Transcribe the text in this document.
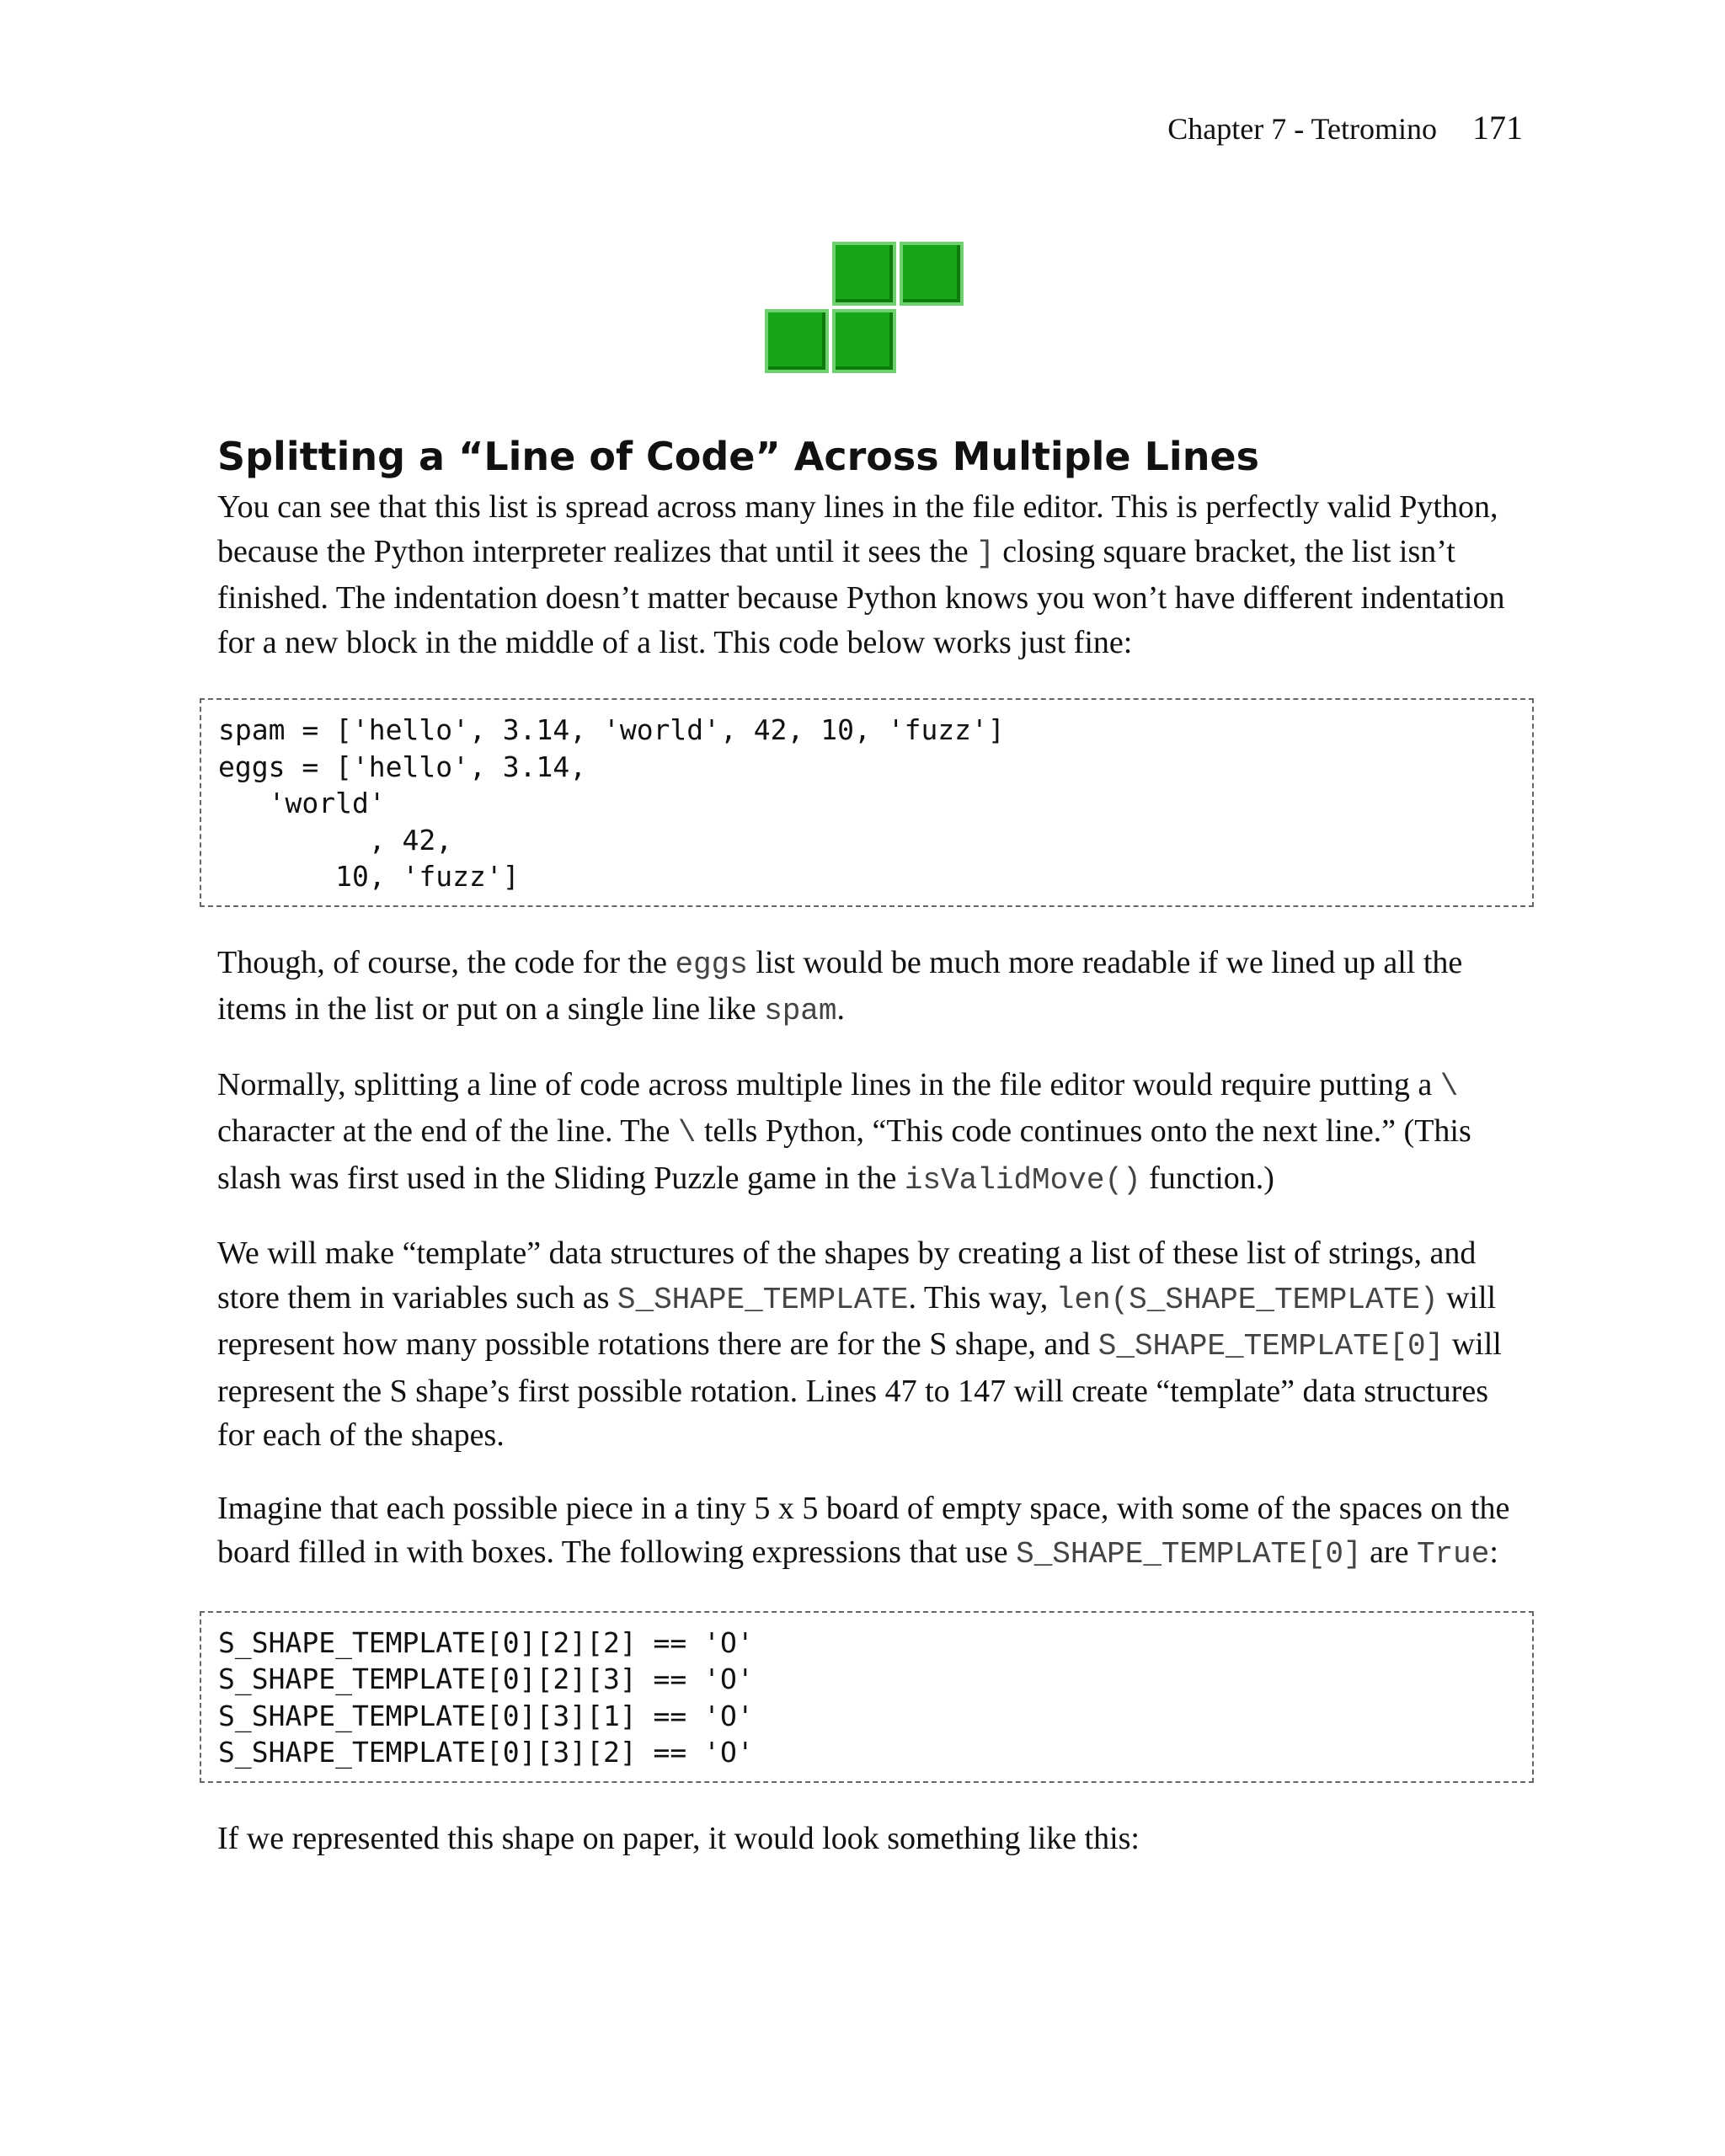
Chapter 7 - Tetromino 171
Splitting a “Line of Code” Across Multiple Lines

You can see that this list is spread across many lines in the file editor. This is perfectly valid Python, because the Python interpreter realizes that until it sees the ] closing square bracket, the list isn’t finished. The indentation doesn’t matter because Python knows you won’t have different indentation for a new block in the middle of a list. This code below works just fine:

spam = ['hello', 3.14, 'world', 42, 10, 'fuzz']
eggs = ['hello', 3.14,
'world'
, 42,
10, 'fuzz']

Though, of course, the code for the eggs list would be much more readable if we lined up all the items in the list or put on a single line like spam.

Normally, splitting a line of code across multiple lines in the file editor would require putting a \ character at the end of the line. The \ tells Python, “This code continues onto the next line.” (This slash was first used in the Sliding Puzzle game in the isValidMove() function.)

We will make “template” data structures of the shapes by creating a list of these list of strings, and store them in variables such as S_SHAPE_TEMPLATE. This way, len(S_SHAPE_TEMPLATE) will represent how many possible rotations there are for the S shape, and S_SHAPE_TEMPLATE[0] will represent the S shape’s first possible rotation. Lines 47 to 147 will create “template” data structures for each of the shapes.

Imagine that each possible piece in a tiny 5 x 5 board of empty space, with some of the spaces on the board filled in with boxes. The following expressions that use S_SHAPE_TEMPLATE[0] are True:

S_SHAPE_TEMPLATE[0][2][2] == 'O'
S_SHAPE_TEMPLATE[0][2][3] == 'O'
S_SHAPE_TEMPLATE[0][3][1] == 'O'
S_SHAPE_TEMPLATE[0][3][2] == 'O'

If we represented this shape on paper, it would look something like this:
